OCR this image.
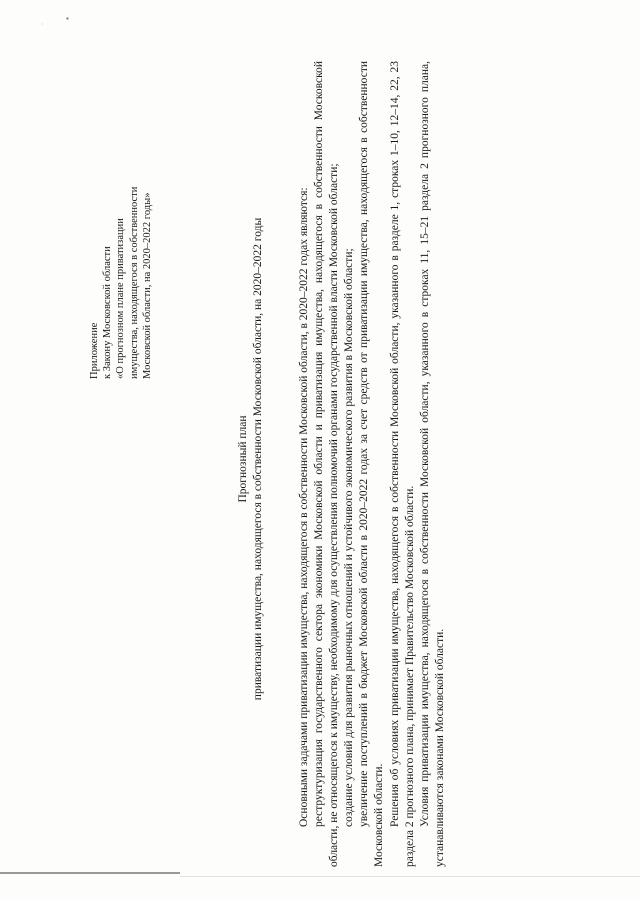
·
▪
Приложение к Закону Московской области «О прогнозном плане приватизации имущества, находящегося в собственности Московской области, на 2020–2022 годы»
Прогнозный план приватизации имущества, находящегося в собственности Московской области, на 2020–2022 годы	Основными задачами приватизации имущества, находящегося в собственности Московской области, в 2020–2022 годах являются: реструктуризация государственного сектора экономики Московской области и приватизация имущества, находящегося в собственности Московской области, не относящегося к имуществу, необходимому для осуществления полномочий органами государственной власти Московской области; создание условий для развития рыночных отношений и устойчивого экономического развития в Московской области; увеличение поступлений в бюджет Московской области в 2020–2022 годах за счет средств от приватизации имущества, находящегося в собственности Московской области. Решения об условиях приватизации имущества, находящегося в собственности Московской области, указанного в разделе 1, строках 1–10, 12–14, 22, 23 раздела 2 прогнозного плана, принимает Правительство Московской области. Условия приватизации имущества, находящегося в собственности Московской области, указанного в строках 11, 15–21 раздела 2 прогнозного плана, устанавливаются законами Московской области.
